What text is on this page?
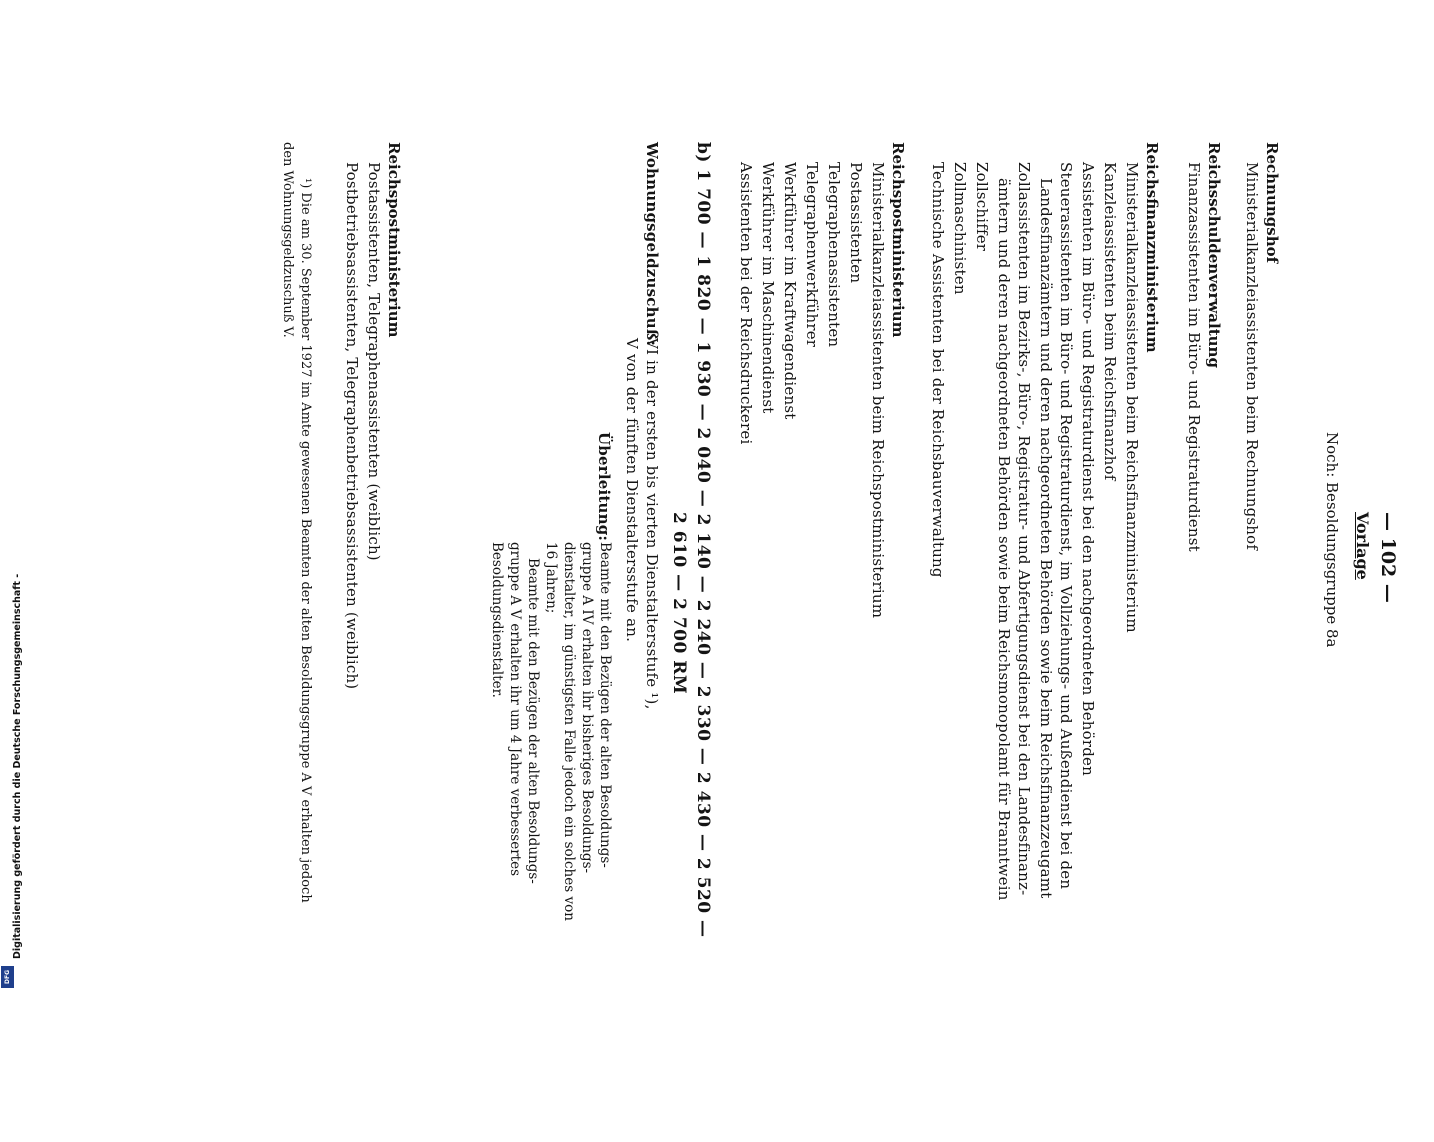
— 102 —
Vorlage
Noch: Besoldungsgruppe 8a
Rechnungshof
Ministerialkanzleiassistenten beim Rechnungshof
Reichsschuldenverwaltung
Finanzassistenten im Büro- und Registraturdienst
Reichsfinanzministerium
Ministerialkanzleiassistenten beim Reichsfinanzministerium
Kanzleiassistenten beim Reichsfinanzhof
Assistenten im Büro- und Registraturdienst bei den nachgeordneten Behörden
Steuerassistenten im Büro- und Registraturdienst, im Vollziehungs- und Außendienst bei den
Landesfinanzämtern und deren nachgeordneten Behörden sowie beim Reichsfinanzzeugamt
Zollassistenten im Bezirks-, Büro-, Registratur- und Abfertigungsdienst bei den Landesfinanz-
ämtern und deren nachgeordneten Behörden sowie beim Reichsmonopolamt für Branntwein
Zollschiffer
Zollmaschinisten
Technische Assistenten bei der Reichsbauverwaltung
Reichspostministerium
Ministerialkanzleiassistenten beim Reichspostministerium
Postassistenten
Telegraphenassistenten
Telegraphenwerkführer
Werkführer im Kraftwagendienst
Werkführer im Maschinendienst
Assistenten bei der Reichsdruckerei
b) 1 700 — 1 820 — 1 930 — 2 040 — 2 140 — 2 240 — 2 330 — 2 430 — 2 520 —
2 610 — 2 700 RM
Wohnungsgeldzuschuß:
VI in der ersten bis vierten Dienstaltersstufe ¹),
V von der fünften Dienstaltersstufe an.
Überleitung:
Beamte mit den Bezügen der alten Besoldungs-
gruppe A IV erhalten ihr bisheriges Besoldungs-
dienstalter, im günstigsten Falle jedoch ein solches von
16 Jahren;
Beamte mit den Bezügen der alten Besoldungs-
gruppe A V erhalten ihr um 4 Jahre verbessertes
Besoldungsdienstalter.
Reichspostministerium
Postassistenten, Telegraphenassistenten (weiblich)
Postbetriebsassistenten, Telegraphenbetriebsassistenten (weiblich)
¹) Die am 30. September 1927 im Amte gewesenen Beamten der alten Besoldungsgruppe A V erhalten jedoch
den Wohnungsgeldzuschuß V.
Digitalisierung gefördert durch die Deutsche Forschungsgemeinschaft -
DFG
